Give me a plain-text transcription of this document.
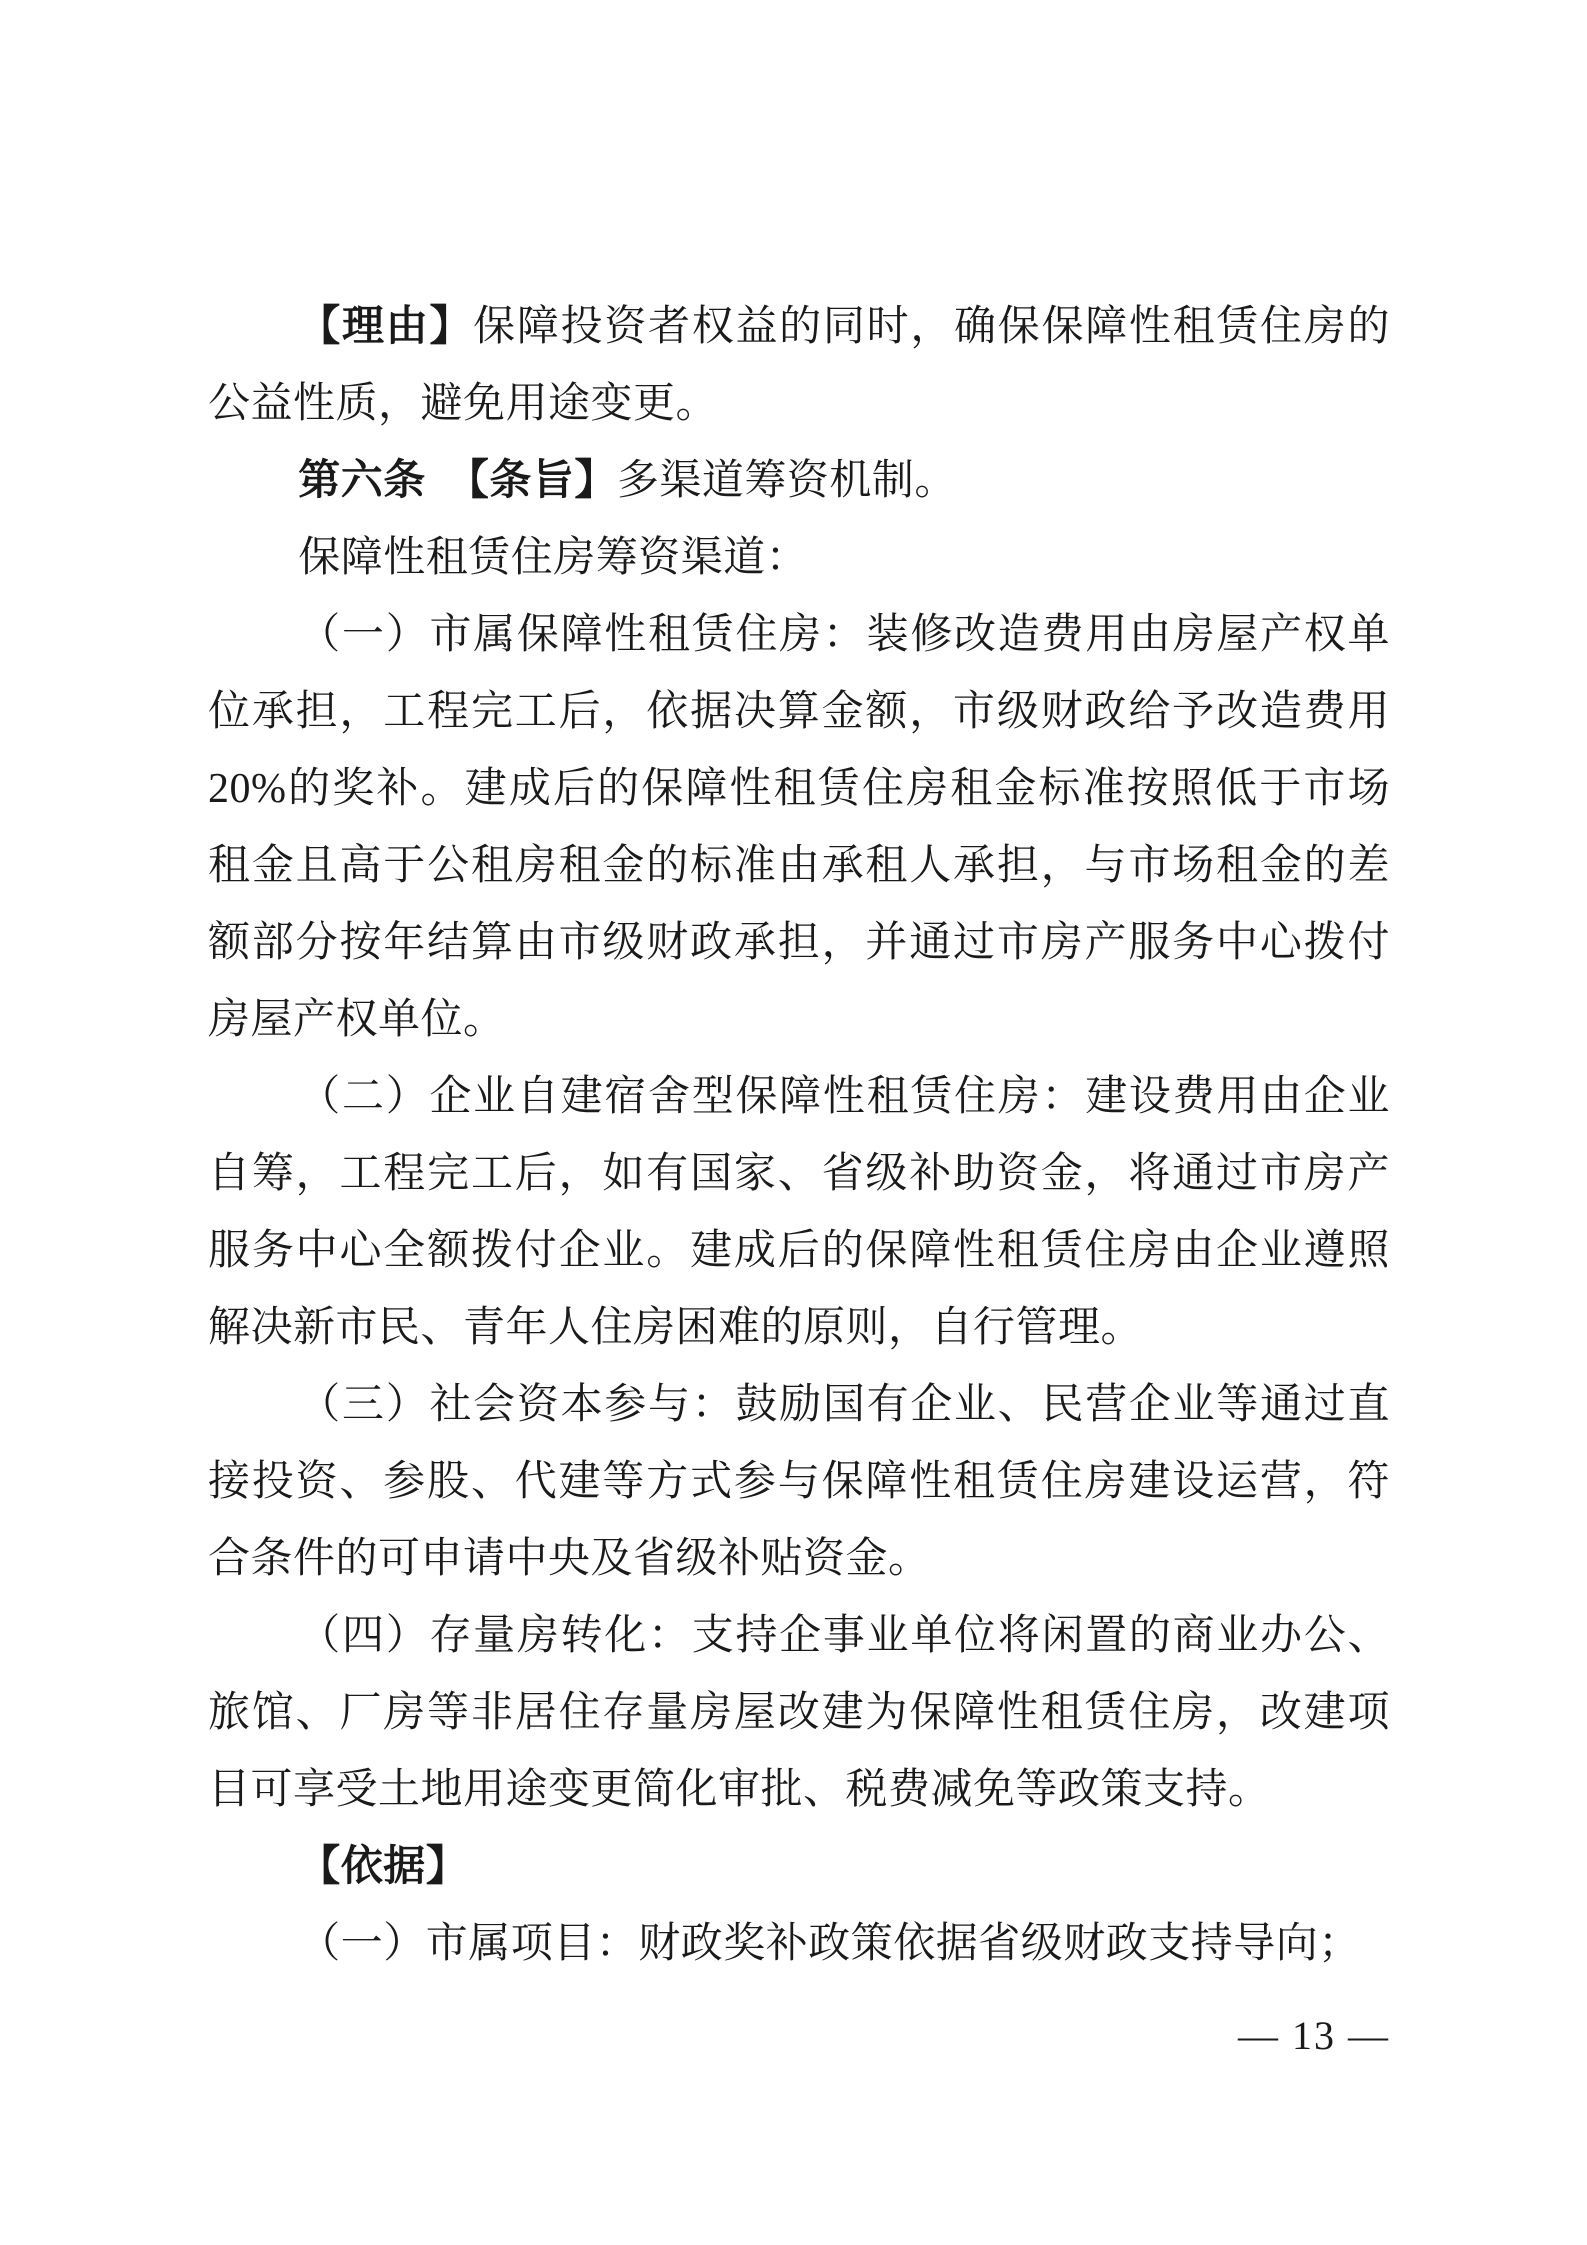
【理由】保障投资者权益的同时，确保保障性租赁住房的公益性质，避免用途变更。

第六条 【条旨】多渠道筹资机制。

保障性租赁住房筹资渠道：

（一）市属保障性租赁住房：装修改造费用由房屋产权单位承担，工程完工后，依据决算金额，市级财政给予改造费用 20%的奖补。建成后的保障性租赁住房租金标准按照低于市场租金且高于公租房租金的标准由承租人承担，与市场租金的差额部分按年结算由市级财政承担，并通过市房产服务中心拨付房屋产权单位。

（二）企业自建宿舍型保障性租赁住房：建设费用由企业自筹，工程完工后，如有国家、省级补助资金，将通过市房产服务中心全额拨付企业。建成后的保障性租赁住房由企业遵照解决新市民、青年人住房困难的原则，自行管理。

（三）社会资本参与：鼓励国有企业、民营企业等通过直接投资、参股、代建等方式参与保障性租赁住房建设运营，符合条件的可申请中央及省级补贴资金。

（四）存量房转化：支持企事业单位将闲置的商业办公、旅馆、厂房等非居住存量房屋改建为保障性租赁住房，改建项目可享受土地用途变更简化审批、税费减免等政策支持。

【依据】

（一）市属项目：财政奖补政策依据省级财政支持导向；

— 13 —
